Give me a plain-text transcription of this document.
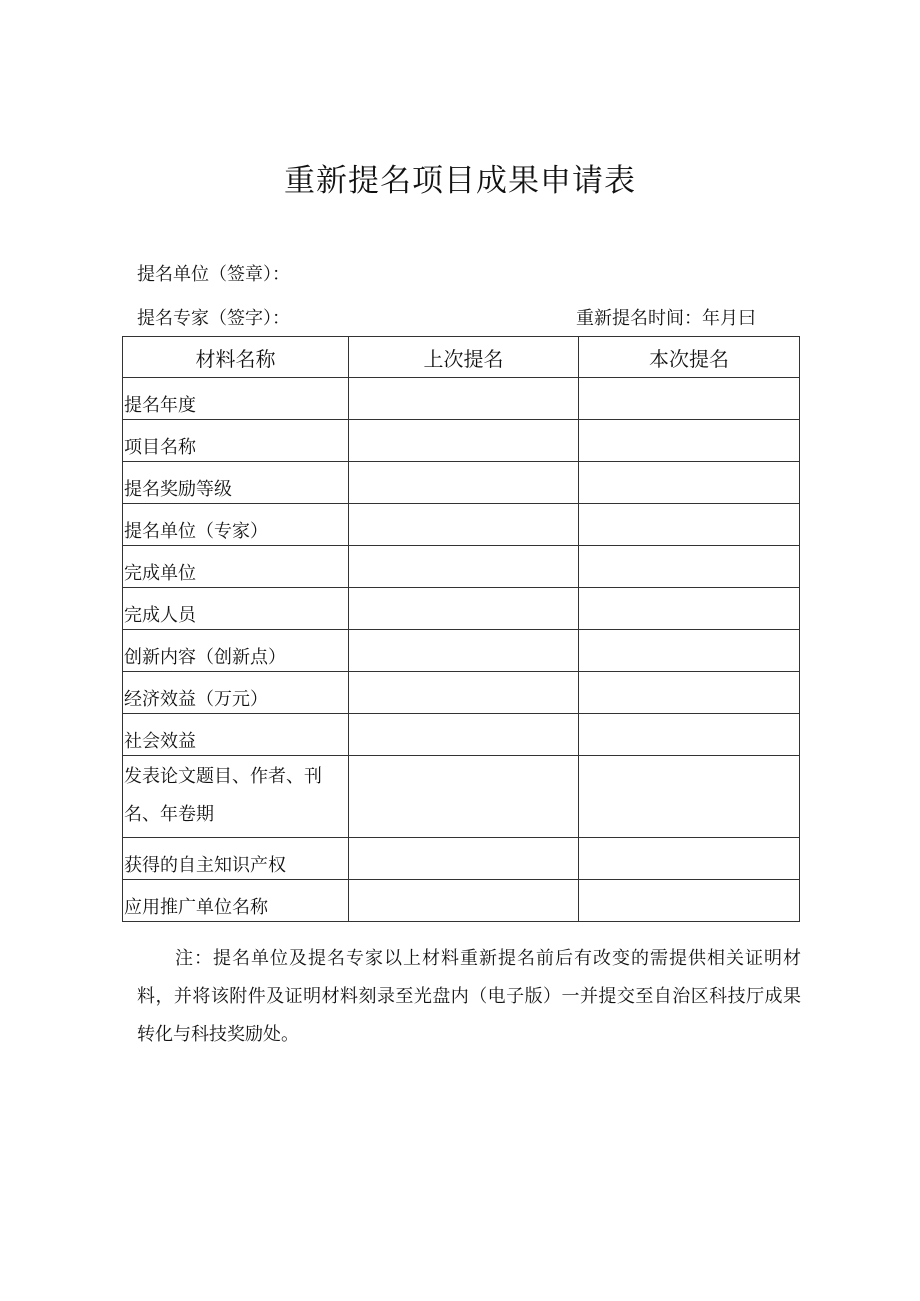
重新提名项目成果申请表
提名单位（签章）：
提名专家（签字）：	重新提名时间：年月曰
材料名称	上次提名	本次提名
提名年度		
项目名称		
提名奖励等级		
提名单位（专家）		
完成单位		
完成人员		
创新内容（创新点）		
经济效益（万元）		
社会效益		
发表论文题目、作者、刊名、年卷期		
获得的自主知识产权		
应用推广单位名称		
注：提名单位及提名专家以上材料重新提名前后有改变的需提供相关证明材料，并将该附件及证明材料刻录至光盘内（电子版）一并提交至自治区科技厅成果转化与科技奖励处。
